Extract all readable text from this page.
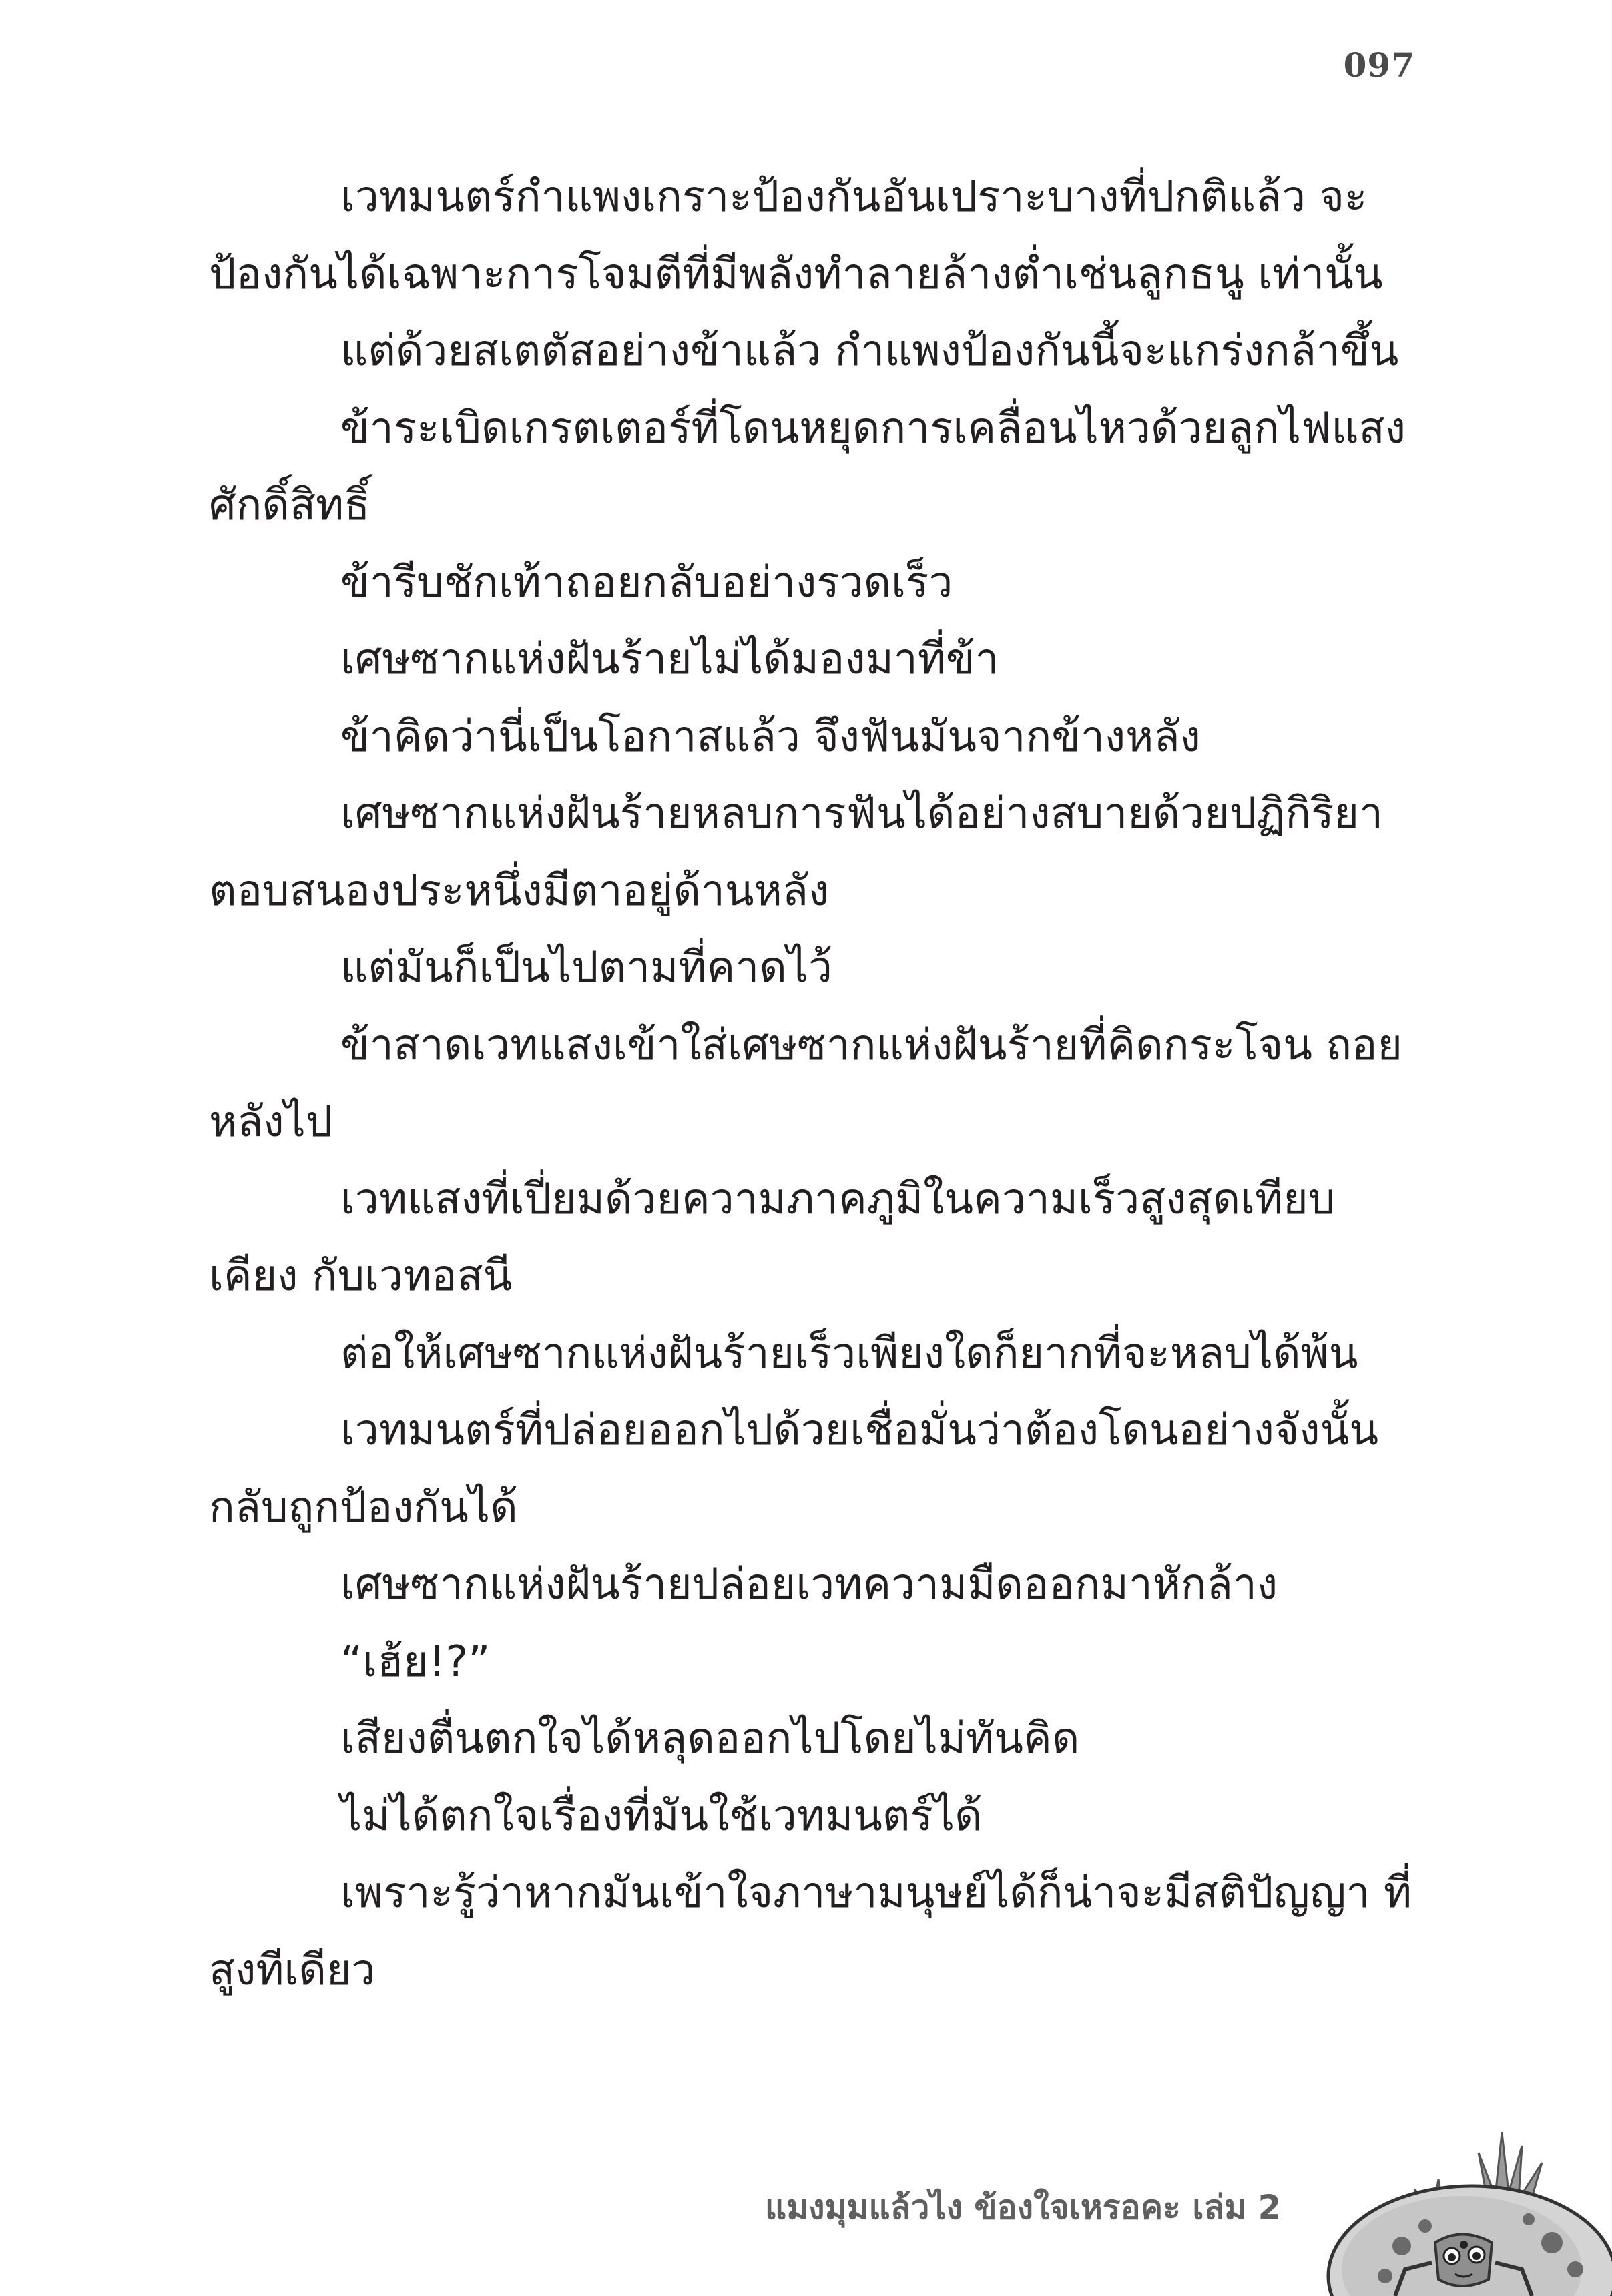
097

เวทมนตร์กำแพงเกราะป้องกันอันเปราะบางที่ปกติแล้ว จะป้องกันได้เฉพาะการโจมตีที่มีพลังทำลายล้างต่ำเช่นลูกธนู เท่านั้น

แต่ด้วยสเตตัสอย่างข้าแล้ว กำแพงป้องกันนี้จะแกร่งกล้าขึ้น

ข้าระเบิดเกรตเตอร์ที่โดนหยุดการเคลื่อนไหวด้วยลูกไฟแสง ศักดิ์สิทธิ์

ข้ารีบชักเท้าถอยกลับอย่างรวดเร็ว

เศษซากแห่งฝันร้ายไม่ได้มองมาที่ข้า

ข้าคิดว่านี่เป็นโอกาสแล้ว จึงฟันมันจากข้างหลัง

เศษซากแห่งฝันร้ายหลบการฟันได้อย่างสบายด้วยปฏิกิริยา ตอบสนองประหนึ่งมีตาอยู่ด้านหลัง

แต่มันก็เป็นไปตามที่คาดไว้

ข้าสาดเวทแสงเข้าใส่เศษซากแห่งฝันร้ายที่คิดกระโจน ถอยหลังไป

เวทแสงที่เปี่ยมด้วยความภาคภูมิในความเร็วสูงสุดเทียบเคียง กับเวทอสนี

ต่อให้เศษซากแห่งฝันร้ายเร็วเพียงใดก็ยากที่จะหลบได้พ้น

เวทมนตร์ที่ปล่อยออกไปด้วยเชื่อมั่นว่าต้องโดนอย่างจังนั้น กลับถูกป้องกันได้

เศษซากแห่งฝันร้ายปล่อยเวทความมืดออกมาหักล้าง

“เฮ้ย!?”

เสียงตื่นตกใจได้หลุดออกไปโดยไม่ทันคิด

ไม่ได้ตกใจเรื่องที่มันใช้เวทมนตร์ได้

เพราะรู้ว่าหากมันเข้าใจภาษามนุษย์ได้ก็น่าจะมีสติปัญญา ที่สูงทีเดียว

แมงมุมแล้วไง ข้องใจเหรอคะ เล่ม 2
